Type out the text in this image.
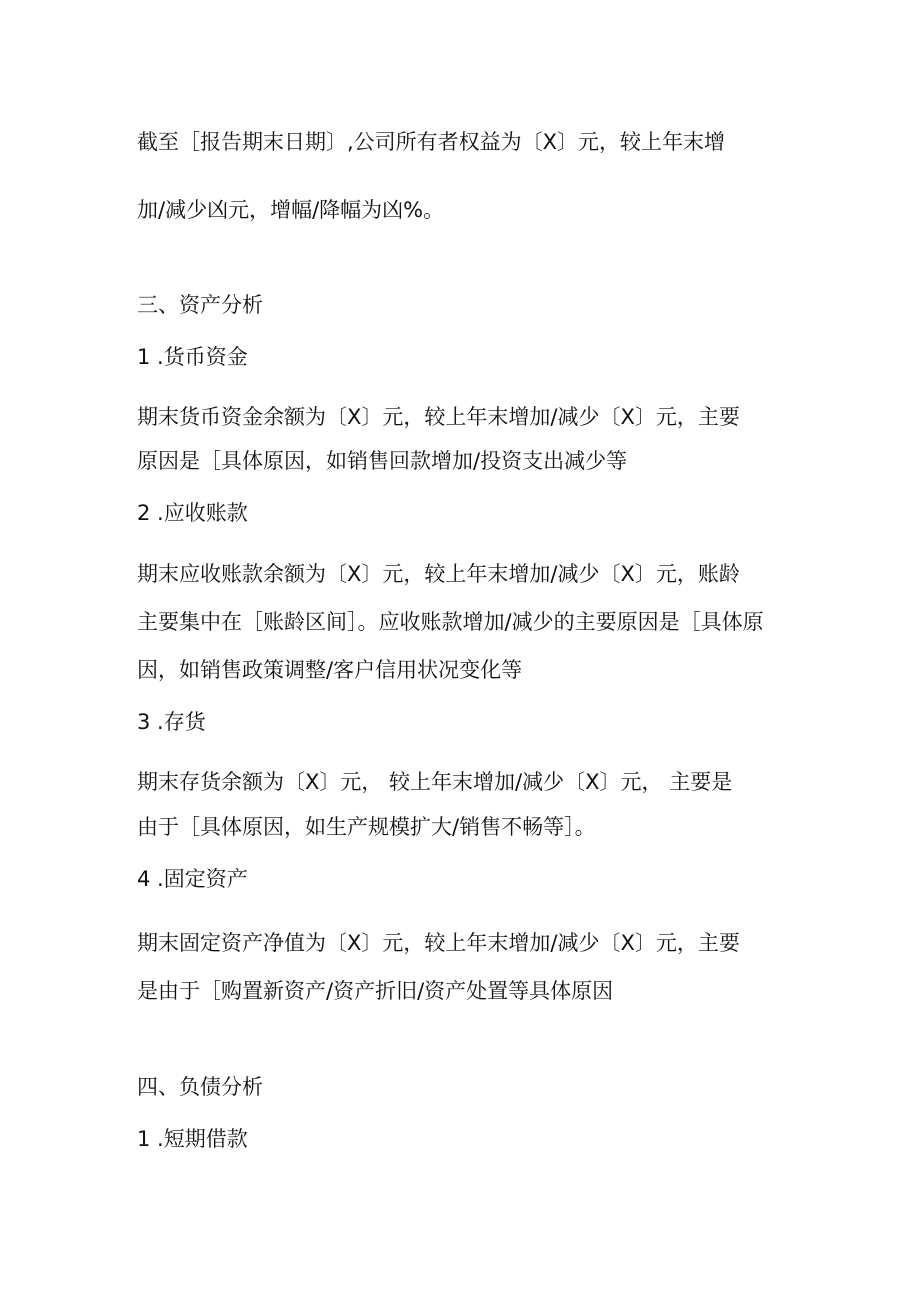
截至［报告期末日期〕,公司所有者权益为〔X〕元，较上年末增
加/减少凶元，增幅/降幅为凶%。
三、资产分析
1 .货币资金
期末货币资金余额为〔X〕元，较上年末增加/减少〔X〕元，主要
原因是［具体原因，如销售回款增加/投资支出减少等
2 .应收账款
期末应收账款余额为〔X〕元，较上年末增加/减少〔X〕元，账龄
主要集中在［账龄区间］。应收账款增加/减少的主要原因是［具体原
因，如销售政策调整/客户信用状况变化等
3 .存货
期末存货余额为〔X〕元， 较上年末增加/减少〔X〕元， 主要是
由于［具体原因，如生产规模扩大/销售不畅等］。
4 .固定资产
期末固定资产净值为〔X〕元，较上年末增加/减少〔X〕元，主要
是由于［购置新资产/资产折旧/资产处置等具体原因
四、负债分析
1 .短期借款
